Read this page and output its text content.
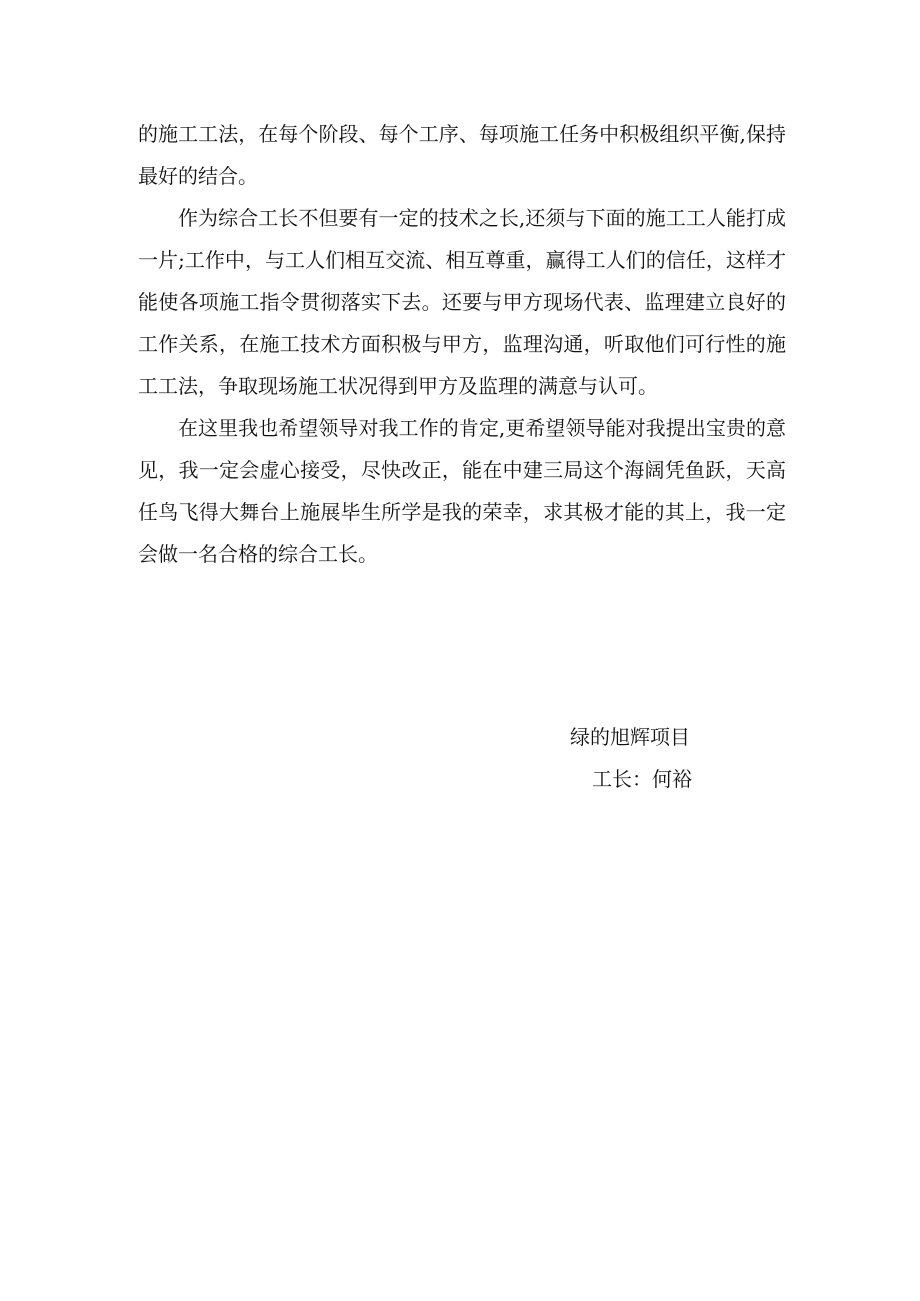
的施工工法，在每个阶段、每个工序、每项施工任务中积极组织平衡,保持最好的结合。

作为综合工长不但要有一定的技术之长,还须与下面的施工工人能打成一片;工作中，与工人们相互交流、相互尊重，赢得工人们的信任，这样才能使各项施工指令贯彻落实下去。还要与甲方现场代表、监理建立良好的工作关系，在施工技术方面积极与甲方，监理沟通，听取他们可行性的施工工法，争取现场施工状况得到甲方及监理的满意与认可。

在这里我也希望领导对我工作的肯定,更希望领导能对我提出宝贵的意见，我一定会虚心接受，尽快改正，能在中建三局这个海阔凭鱼跃，天高任鸟飞得大舞台上施展毕生所学是我的荣幸，求其极才能的其上，我一定会做一名合格的综合工长。

绿的旭辉项目

工长：何裕
